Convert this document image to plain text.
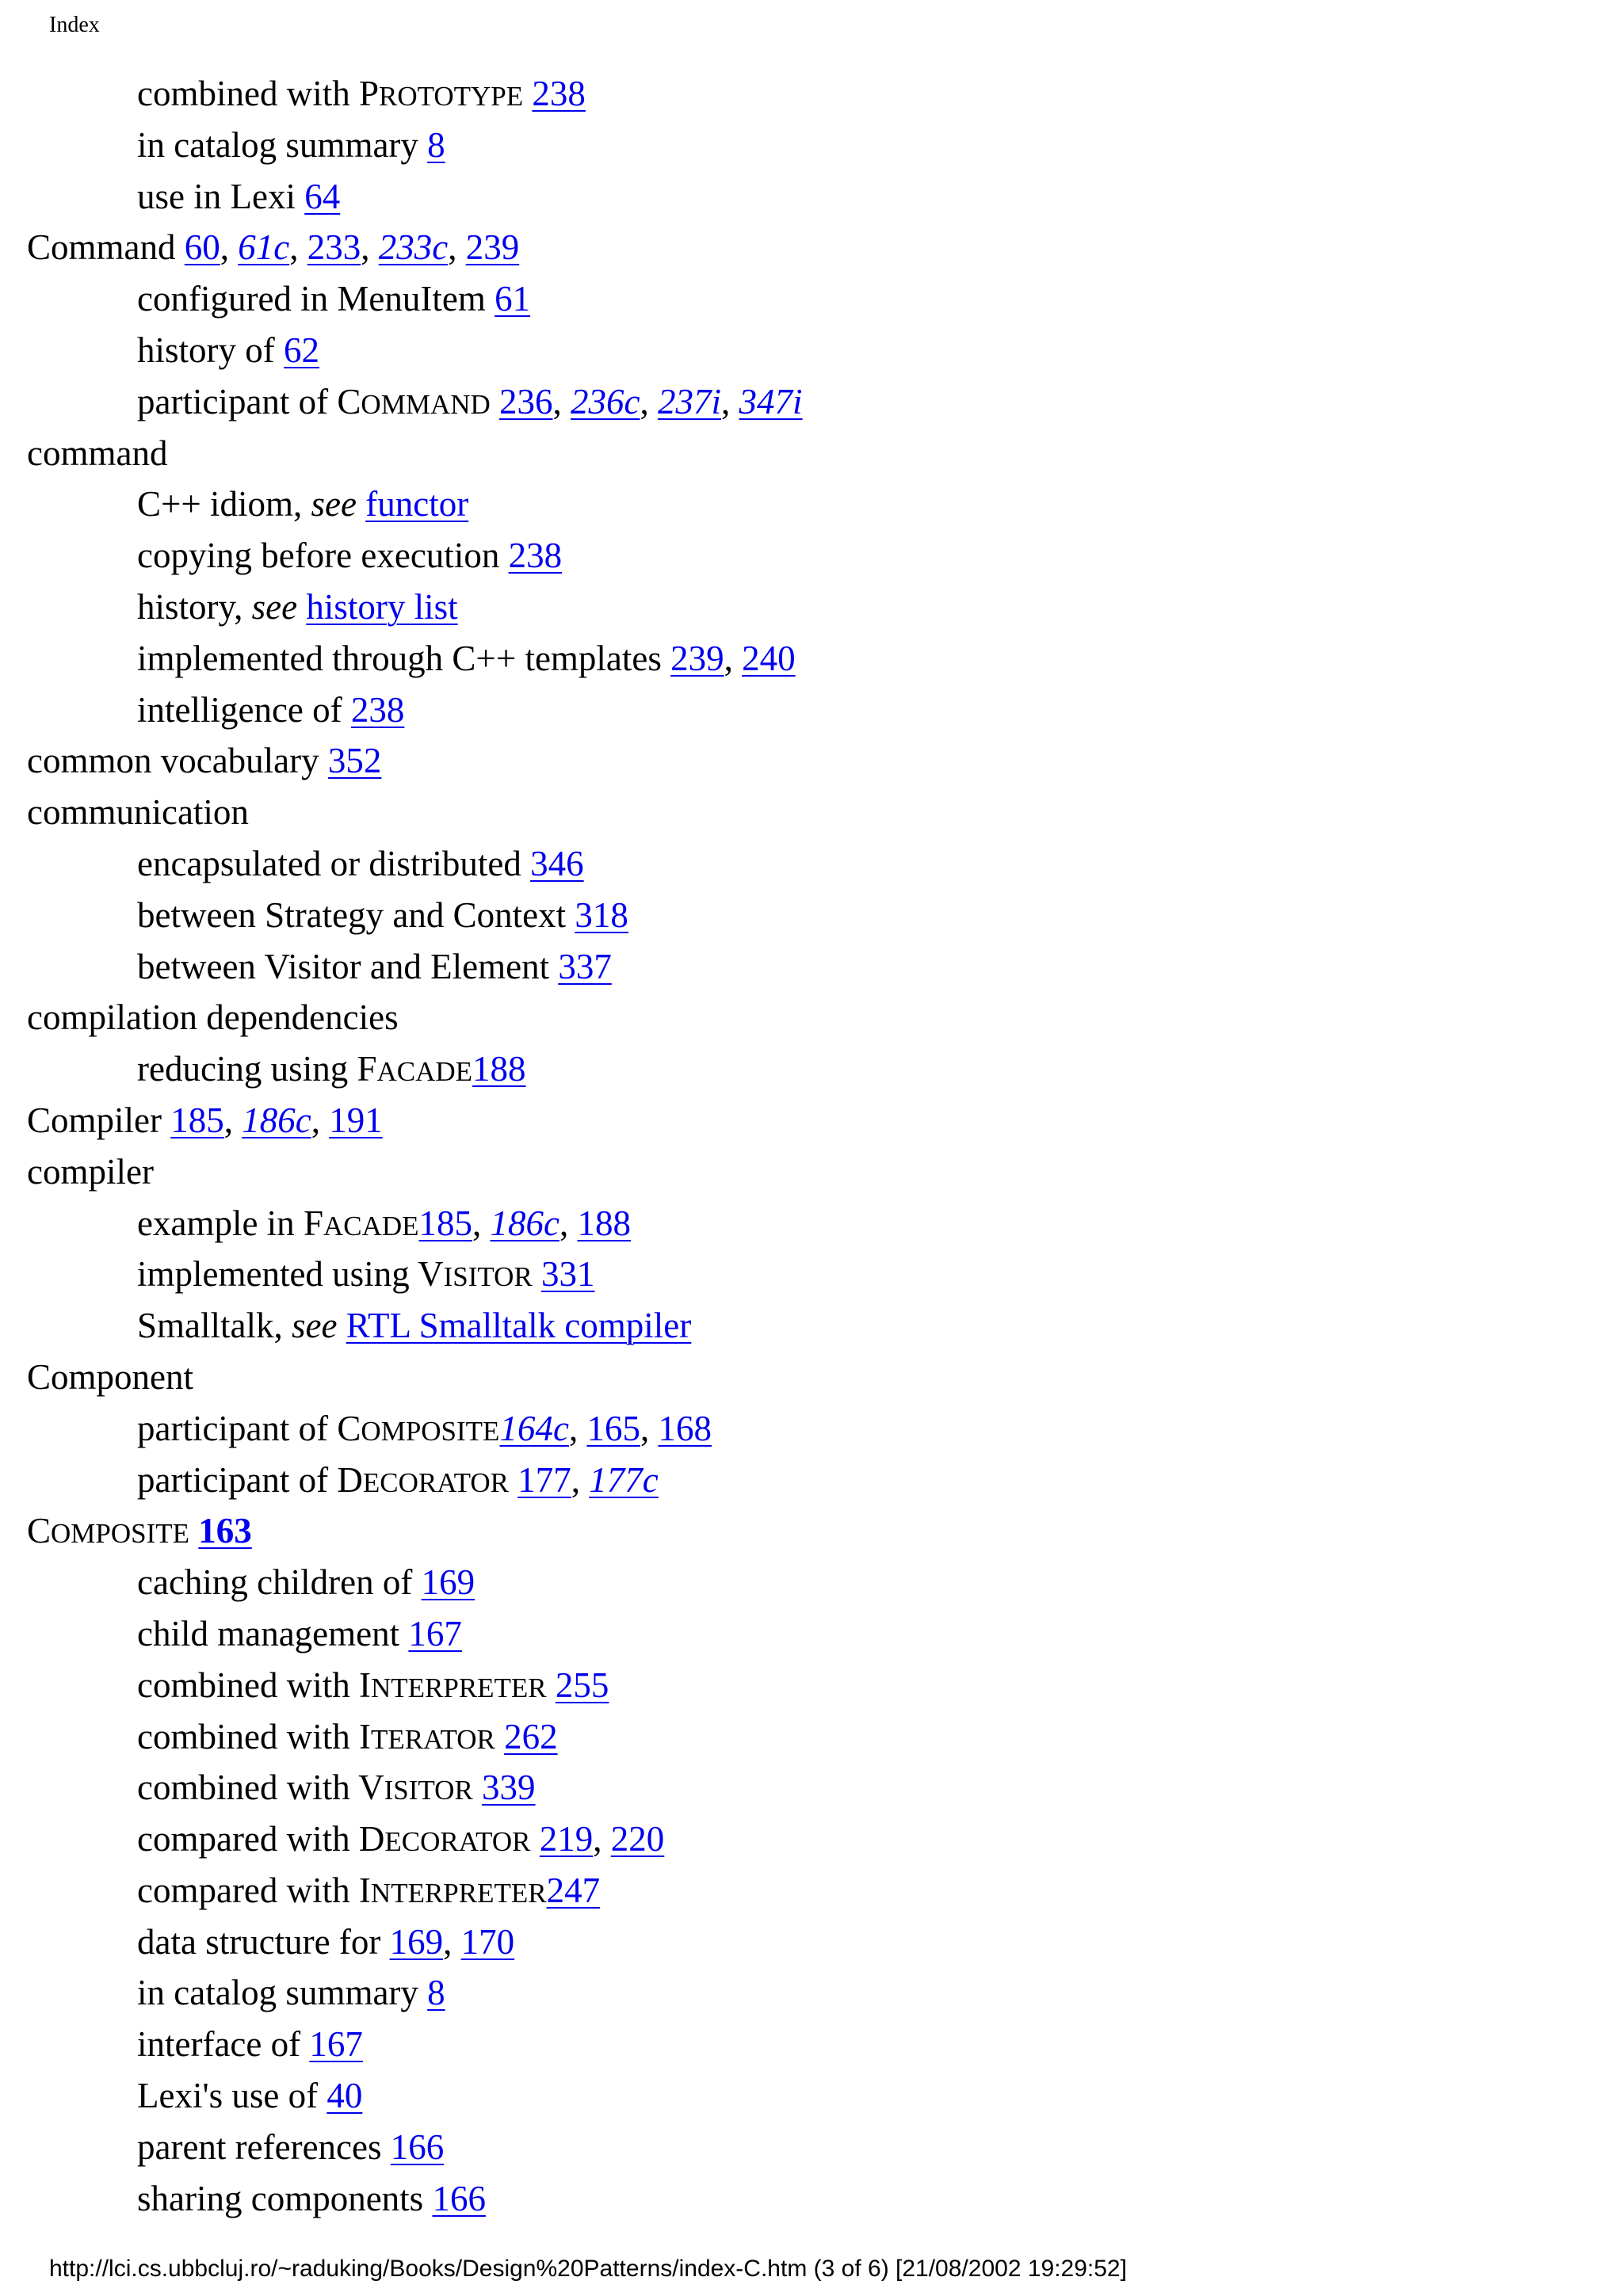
Index
combined with PROTOTYPE 238
in catalog summary 8
use in Lexi 64
Command 60, 61c, 233, 233c, 239
configured in MenuItem 61
history of 62
participant of COMMAND 236, 236c, 237i, 347i
command
C++ idiom, see functor
copying before execution 238
history, see history list
implemented through C++ templates 239, 240
intelligence of 238
common vocabulary 352
communication
encapsulated or distributed 346
between Strategy and Context 318
between Visitor and Element 337
compilation dependencies
reducing using FACADE188
Compiler 185, 186c, 191
compiler
example in FACADE185, 186c, 188
implemented using VISITOR 331
Smalltalk, see RTL Smalltalk compiler
Component
participant of COMPOSITE164c, 165, 168
participant of DECORATOR 177, 177c
COMPOSITE 163
caching children of 169
child management 167
combined with INTERPRETER 255
combined with ITERATOR 262
combined with VISITOR 339
compared with DECORATOR 219, 220
compared with INTERPRETER247
data structure for 169, 170
in catalog summary 8
interface of 167
Lexi's use of 40
parent references 166
sharing components 166
http://lci.cs.ubbcluj.ro/~raduking/Books/Design%20Patterns/index-C.htm (3 of 6) [21/08/2002 19:29:52]
